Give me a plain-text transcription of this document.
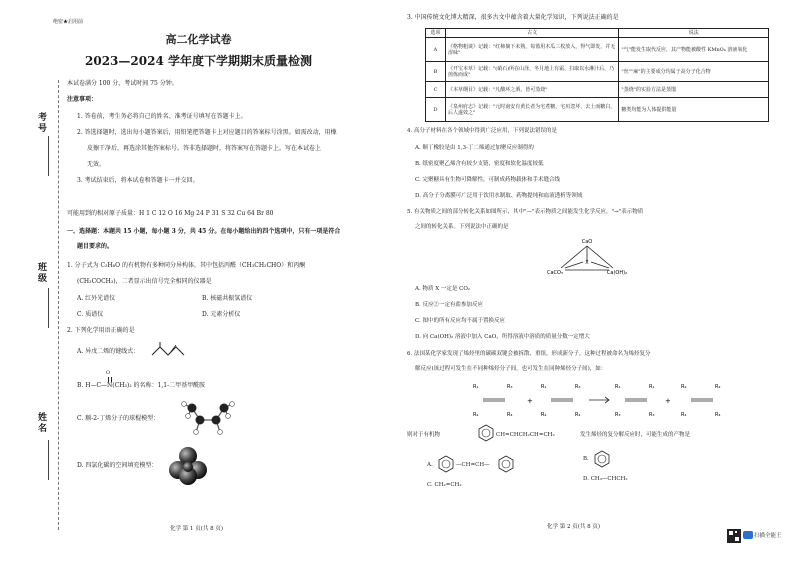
绝密★启用前
高二化学试卷
2023—2024 学年度下学期期末质量检测
考号
班级
姓名
本试卷满分 100 分，考试时间 75 分钟。
注意事项：
1. 答卷前，考生务必将自己的姓名、准考证号填写在答题卡上。
2. 答选择题时，选出每小题答案后，用铅笔把答题卡上对应题目的答案标号涂黑。如需改动，用橡
皮擦干净后，再选涂其他答案标号。答非选择题时，将答案写在答题卡上。写在本试卷上
无效。
3. 考试结束后，将本试卷和答题卡一并交回。
可能用到的相对原子质量：H 1 C 12 O 16 Mg 24 P 31 S 32 Cu 64 Br 80
一、选择题：本题共 15 小题，每小题 3 分，共 45 分。在每小题给出的四个选项中，只有一项是符合
题目要求的。
1. 分子式为 C₃H₆O 的有机物有多种同分异构体，其中包括丙醛（CH₃CH₂CHO）和丙酮
(CH₃COCH₃)，二者显示出信号完全相同的仪器是
A. 红外光谱仪	B. 核磁共振氢谱仪
C. 质谱仪	D. 元素分析仪
2. 下列化学用语正确的是
A. 异戊二烯的键线式：
O
B. H—C—N(CH₃)₂ 的名称：1,1-二甲基甲酰胺
C. 顺-2-丁烯分子的球棍模型：
D. 四氯化碳的空间填充模型：
化学 第 1 页(共 8 页)
3. 中国传统文化博大精深，很多古文中蕴含着大量化学知识，下列说法正确的是
选项	古文	说法
A	《格物粗谈》记载："红柿摘下未熟，每篮用木瓜三枚放入，得气即发，并无涩味"	"气"能发生取代反应，其产物能被酸性 KMnO₄ 溶液氧化
B	《开宝本草》记载："(硝石)所在山泽，冬月地上有霜，扫取以水淋汁后，乃煎炼而成"	"丝""麻"的主要成分均属于高分子化合物
C	《本草纲目》记载："凡酸坏之酒，皆可蒸烧"	"蒸烧"的实验方法是蒸馏
D	《泉州府志》记载："元时南安有黄长者为宅煮糖，宅垣忽坏，去土而糖白，后人遂效之"	糖类均能为人体提供能量
4. 高分子材料在各个领域中得到广泛应用，下列说法错误的是
A. 顺丁橡胶是由 1,3-丁二烯通过加聚反应制得的
B. 纸密度聚乙烯含有较少支链，密度和软化温度较低
C. 完聚糖具有生物可降解性，可制成药物载体和手术缝合线
D. 高分子分离膜可广泛用于饮用水制取、药物提纯和血液透析等领域
5. 有关物质之间的部分转化关系如图所示，其中"—"表示物质之间能发生化学反应，"→"表示物质
之间的转化关系。下列说法中正确的是
CaO
CaCO₃	Ca(OH)₂
X
A. 物质 X 一定是 CO₂
B. 反应②一定有盐参加反应
C. 图中的所有反应均不属于置换反应
D. 向 Ca(OH)₂ 溶液中加入 CaO，所得溶液中溶质的质量分数一定增大
6. 法国某化学家发现了烯烃里的碳碳双键会被拆散、重组，形成新分子，这种过程被命名为烯烃复分
解反应(该过程可发生在不同种烯烃分子间，也可发生在同种烯烃分子间)，如：
R₁
R₂
R₃
R₄
R₁
R₂
R₃
R₄
R₁
R₃
R₁
R₃
R₂
R₄
R₂
R₄
+	+
则对于有机物	CH=CHCH₂CH=CH₂	发生烯烃的复分解反应时，可能生成的产物是
A.	—CH=CH—
B.
C. CH₂=CH₂
D. CH₃—CHCH₂
化学 第 2 页(共 8 页)
扫描全能王
